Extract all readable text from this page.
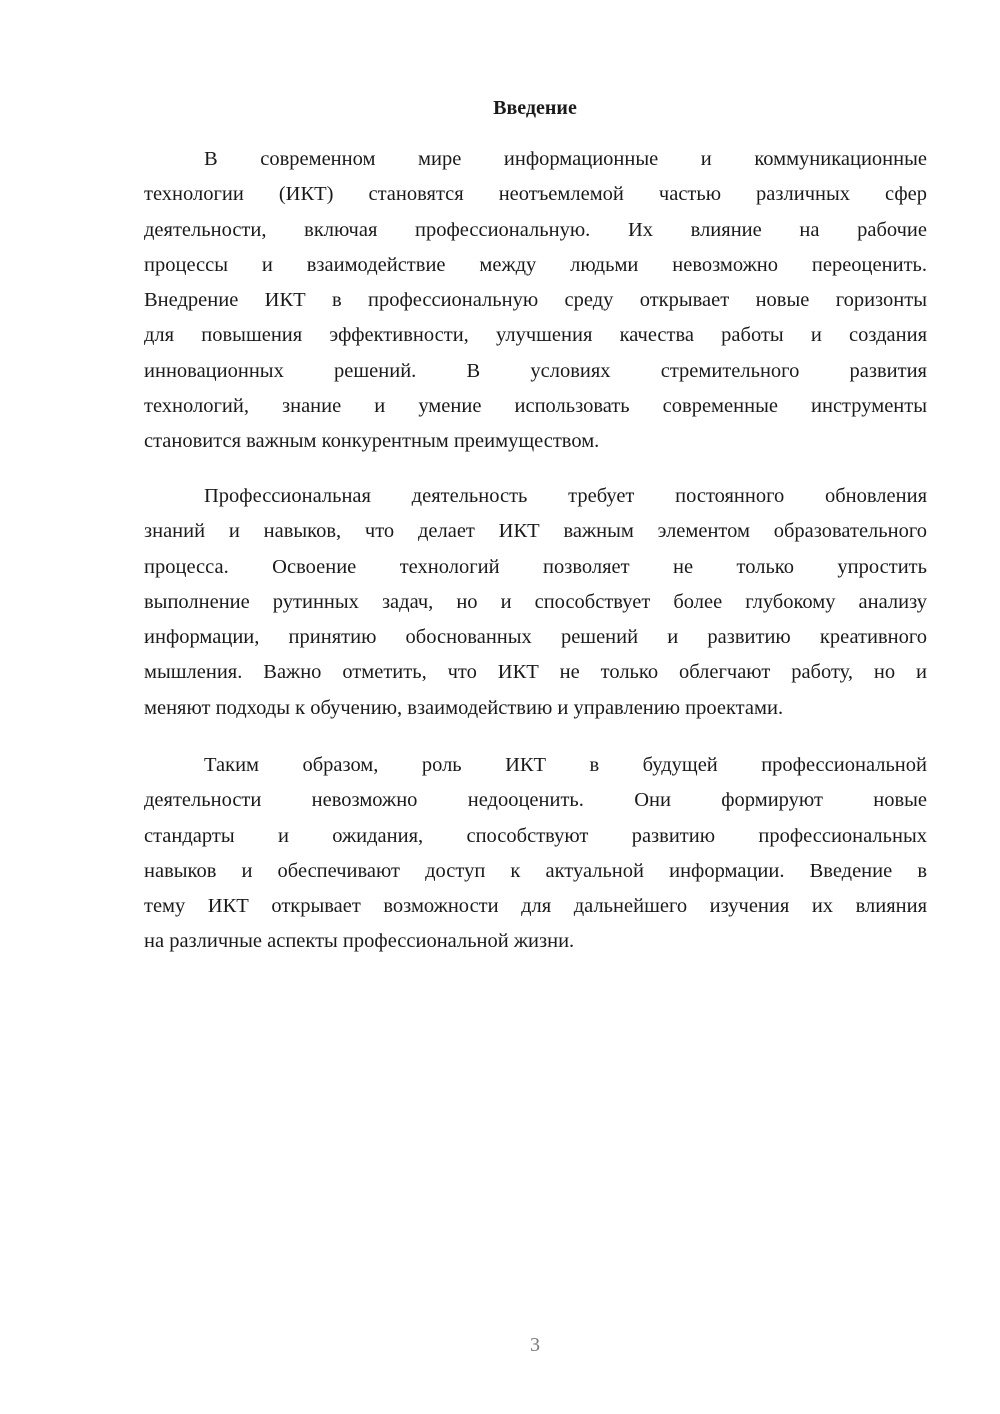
Введение
В современном мире информационные и коммуникационные
технологии (ИКТ) становятся неотъемлемой частью различных сфер
деятельности, включая профессиональную. Их влияние на рабочие
процессы и взаимодействие между людьми невозможно переоценить.
Внедрение ИКТ в профессиональную среду открывает новые горизонты
для повышения эффективности, улучшения качества работы и создания
инновационных решений. В условиях стремительного развития
технологий, знание и умение использовать современные инструменты
становится важным конкурентным преимуществом.
Профессиональная деятельность требует постоянного обновления
знаний и навыков, что делает ИКТ важным элементом образовательного
процесса. Освоение технологий позволяет не только упростить
выполнение рутинных задач, но и способствует более глубокому анализу
информации, принятию обоснованных решений и развитию креативного
мышления. Важно отметить, что ИКТ не только облегчают работу, но и
меняют подходы к обучению, взаимодействию и управлению проектами.
Таким образом, роль ИКТ в будущей профессиональной
деятельности невозможно недооценить. Они формируют новые
стандарты и ожидания, способствуют развитию профессиональных
навыков и обеспечивают доступ к актуальной информации. Введение в
тему ИКТ открывает возможности для дальнейшего изучения их влияния
на различные аспекты профессиональной жизни.
3
